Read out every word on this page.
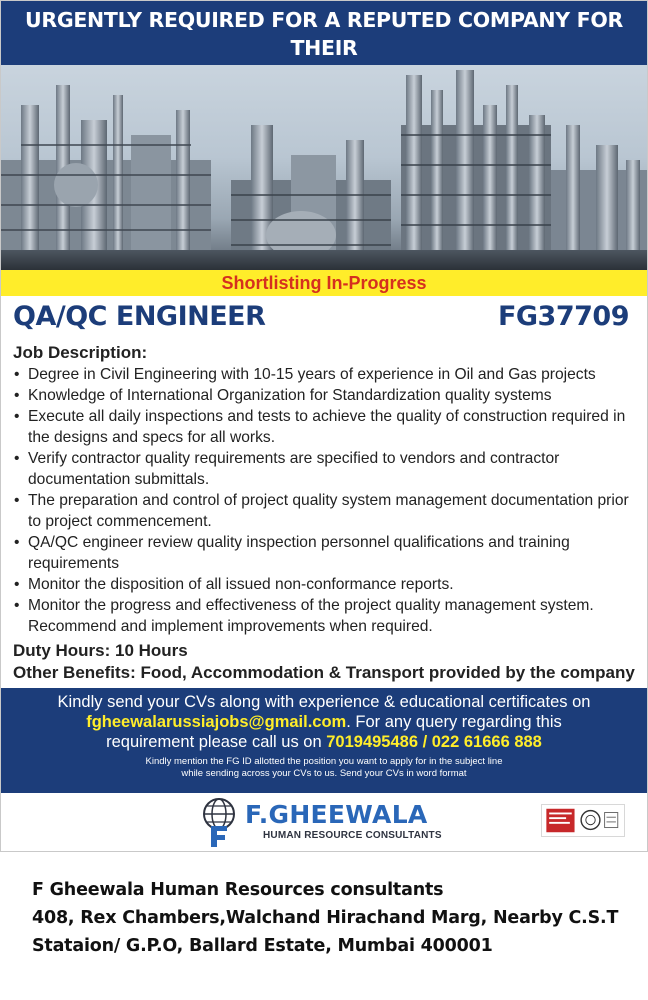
URGENTLY REQUIRED FOR A REPUTED COMPANY FOR THEIR
Shortlisting In-Progress
QA/QC ENGINEER	FG37709
Job Description:
• Degree in Civil Engineering with 10-15 years of experience in Oil and Gas projects
• Knowledge of International Organization for Standardization quality systems
• Execute all daily inspections and tests to achieve the quality of construction required in the designs and specs for all works.
• Verify contractor quality requirements are specified to vendors and contractor documentation submittals.
• The preparation and control of project quality system management documentation prior to project commencement.
• QA/QC engineer review quality inspection personnel qualifications and training requirements
• Monitor the disposition of all issued non-conformance reports.
• Monitor the progress and effectiveness of the project quality management system. Recommend and implement improvements when required.
Duty Hours: 10 Hours
Other Benefits: Food, Accommodation & Transport provided by the company
Kindly send your CVs along with experience & educational certificates on
fgheewalarussiajobs@gmail.com. For any query regarding this
requirement please call us on 7019495486 / 022 61666 888
Kindly mention the FG ID allotted the position you want to apply for in the subject line
while sending across your CVs to us. Send your CVs in word format
F.GHEEWALA
HUMAN RESOURCE CONSULTANTS
F Gheewala Human Resources consultants
408, Rex Chambers,Walchand Hirachand Marg, Nearby C.S.T
Stataion/ G.P.O, Ballard Estate, Mumbai 400001
